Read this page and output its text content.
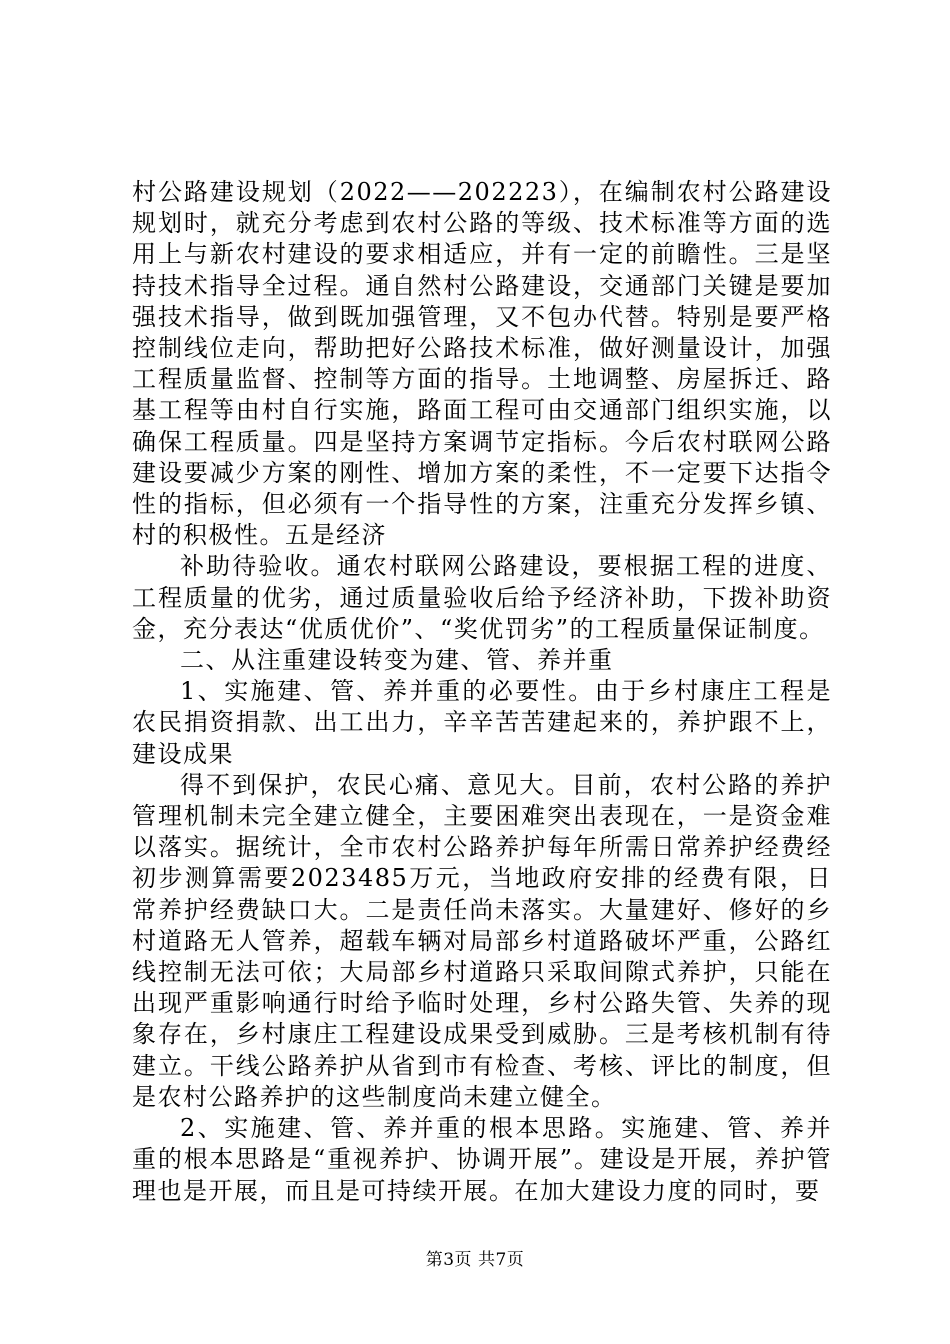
村公路建设规划（2022——202223），在编制农村公路建设规划时，就充分考虑到农村公路的等级、技术标准等方面的选用上与新农村建设的要求相适应，并有一定的前瞻性。三是坚持技术指导全过程。通自然村公路建设，交通部门关键是要加强技术指导，做到既加强管理，又不包办代替。特别是要严格控制线位走向，帮助把好公路技术标准，做好测量设计，加强工程质量监督、控制等方面的指导。土地调整、房屋拆迁、路基工程等由村自行实施，路面工程可由交通部门组织实施，以确保工程质量。四是坚持方案调节定指标。今后农村联网公路建设要减少方案的刚性、增加方案的柔性，不一定要下达指令性的指标，但必须有一个指导性的方案，注重充分发挥乡镇、村的积极性。五是经济

补助待验收。通农村联网公路建设，要根据工程的进度、工程质量的优劣，通过质量验收后给予经济补助，下拨补助资金，充分表达“优质优价”、“奖优罚劣”的工程质量保证制度。

二、从注重建设转变为建、管、养并重

1、实施建、管、养并重的必要性。由于乡村康庄工程是农民捐资捐款、出工出力，辛辛苦苦建起来的，养护跟不上，建设成果

得不到保护，农民心痛、意见大。目前，农村公路的养护管理机制未完全建立健全，主要困难突出表现在，一是资金难以落实。据统计，全市农村公路养护每年所需日常养护经费经初步测算需要2023485万元，当地政府安排的经费有限，日常养护经费缺口大。二是责任尚未落实。大量建好、修好的乡村道路无人管养，超载车辆对局部乡村道路破坏严重，公路红线控制无法可依；大局部乡村道路只采取间隙式养护，只能在出现严重影响通行时给予临时处理，乡村公路失管、失养的现象存在，乡村康庄工程建设成果受到威胁。三是考核机制有待建立。干线公路养护从省到市有检查、考核、评比的制度，但是农村公路养护的这些制度尚未建立健全。

2、实施建、管、养并重的根本思路。实施建、管、养并重的根本思路是“重视养护、协调开展”。建设是开展，养护管理也是开展，而且是可持续开展。在加大建设力度的同时，要

第3页 共7页
